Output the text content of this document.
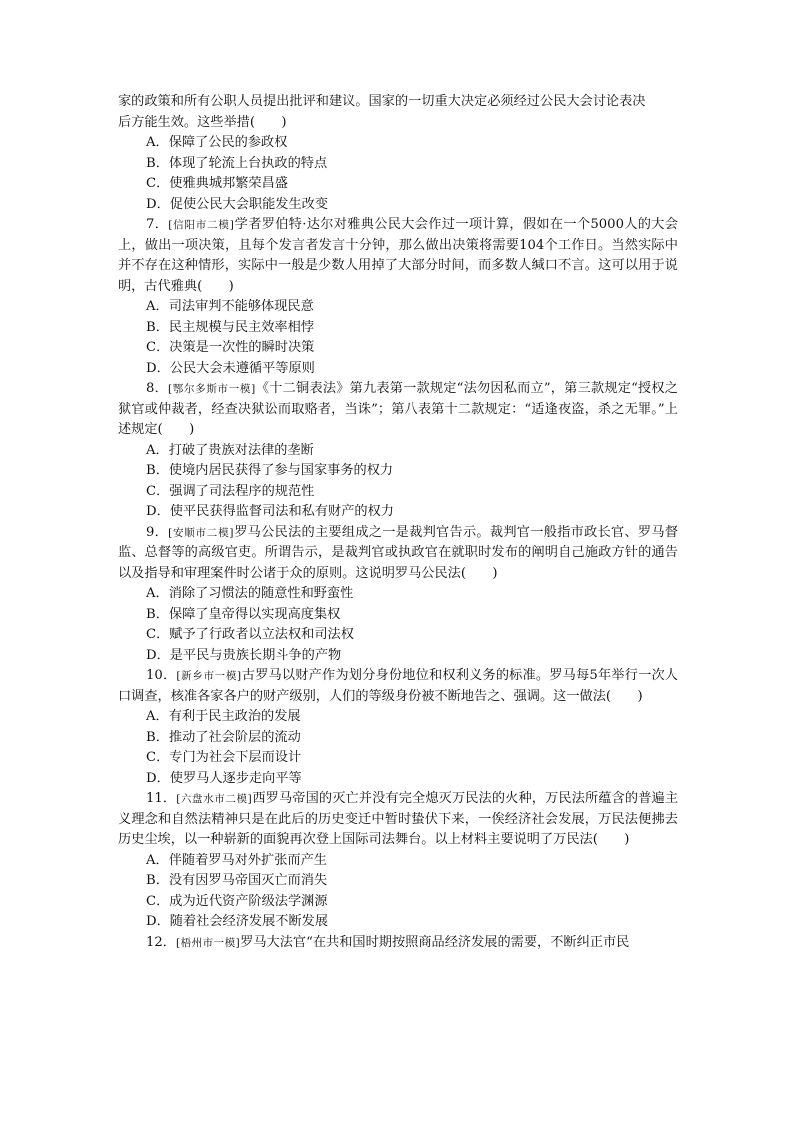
家的政策和所有公职人员提出批评和建议。国家的一切重大决定必须经过公民大会讨论表决

后方能生效。这些举措(　　)

A．保障了公民的参政权

B．体现了轮流上台执政的特点

C．使雅典城邦繁荣昌盛

D．促使公民大会职能发生改变

7．[信阳市二模]学者罗伯特·达尔对雅典公民大会作过一项计算，假如在一个5000人的大会上，做出一项决策，且每个发言者发言十分钟，那么做出决策将需要104个工作日。当然实际中并不存在这种情形，实际中一般是少数人用掉了大部分时间，而多数人缄口不言。这可以用于说明，古代雅典(　　)

A．司法审判不能够体现民意

B．民主规模与民主效率相悖

C．决策是一次性的瞬时决策

D．公民大会未遵循平等原则

8．[鄂尔多斯市一模]《十二铜表法》第九表第一款规定“法勿因私而立”，第三款规定“授权之狱官或仲裁者，经查决狱讼而取赂者，当诛”；第八表第十二款规定：“适逢夜盗，杀之无罪。”上述规定(　　)

A．打破了贵族对法律的垄断

B．使境内居民获得了参与国家事务的权力

C．强调了司法程序的规范性

D．使平民获得监督司法和私有财产的权力

9．[安顺市二模]罗马公民法的主要组成之一是裁判官告示。裁判官一般指市政长官、罗马督监、总督等的高级官吏。所谓告示，是裁判官或执政官在就职时发布的阐明自己施政方针的通告以及指导和审理案件时公诸于众的原则。这说明罗马公民法(　　)

A．消除了习惯法的随意性和野蛮性

B．保障了皇帝得以实现高度集权

C．赋予了行政者以立法权和司法权

D．是平民与贵族长期斗争的产物

10．[新乡市一模]古罗马以财产作为划分身份地位和权利义务的标准。罗马每5年举行一次人口调查，核准各家各户的财产级别，人们的等级身份被不断地告之、强调。这一做法(　　)

A．有利于民主政治的发展

B．推动了社会阶层的流动

C．专门为社会下层而设计

D．使罗马人逐步走向平等

11．[六盘水市二模]西罗马帝国的灭亡并没有完全熄灭万民法的火种，万民法所蕴含的普遍主义理念和自然法精神只是在此后的历史变迁中暂时蛰伏下来，一俟经济社会发展，万民法便拂去历史尘埃，以一种崭新的面貌再次登上国际司法舞台。以上材料主要说明了万民法(　　)

A．伴随着罗马对外扩张而产生

B．没有因罗马帝国灭亡而消失

C．成为近代资产阶级法学渊源

D．随着社会经济发展不断发展

12．[梧州市一模]罗马大法官“在共和国时期按照商品经济发展的需要，不断纠正市民
